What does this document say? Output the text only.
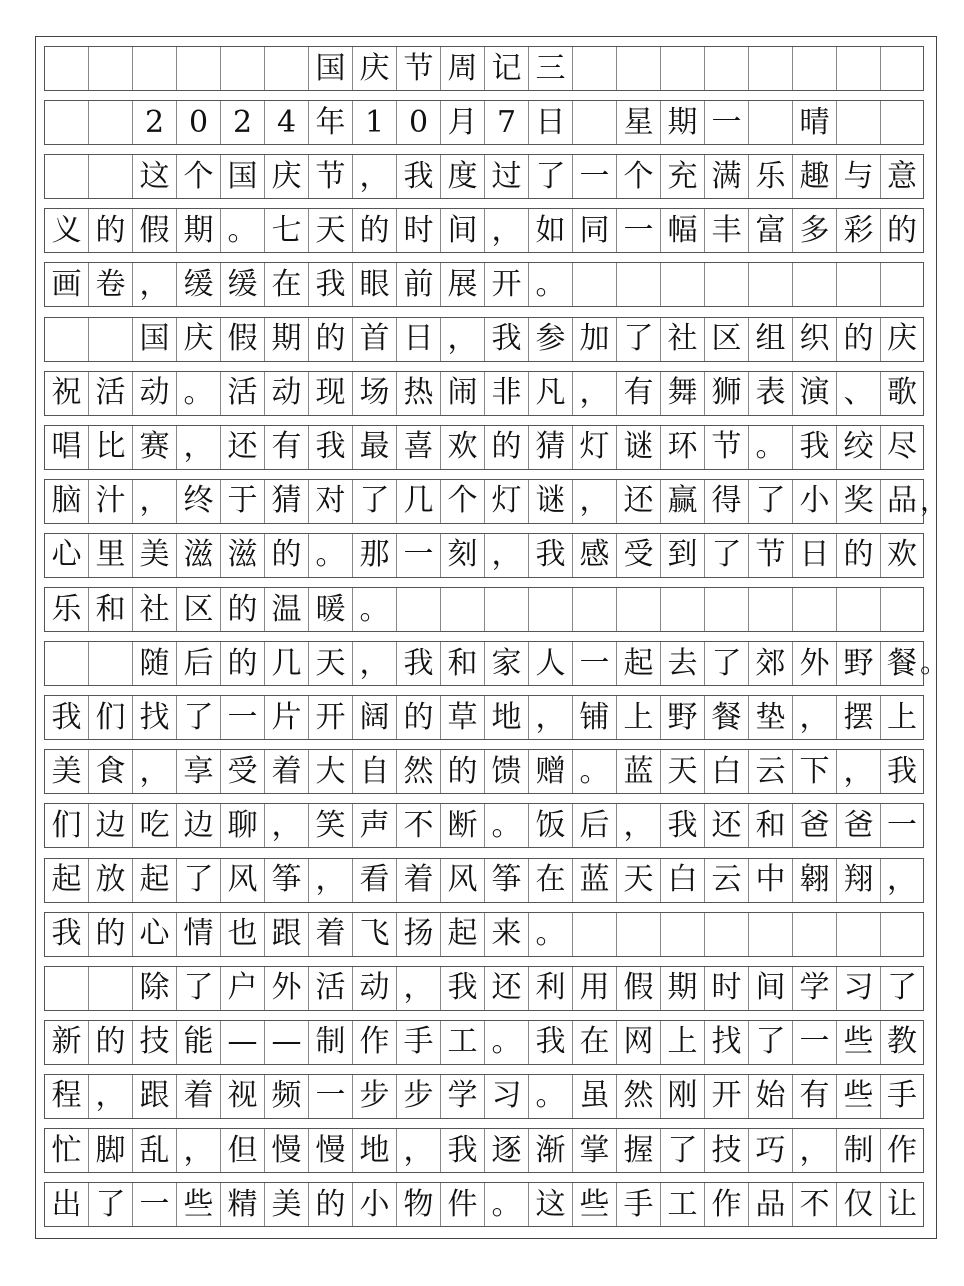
国 庆 节 周 记 三
2 0 2 4 年 1 0 月 7 日 星 期 一 晴
这 个 国 庆 节 ， 我 度 过 了 一 个 充 满 乐 趣 与 意
义 的 假 期 。 七 天 的 时 间 ， 如 同 一 幅 丰 富 多 彩 的
画 卷 ， 缓 缓 在 我 眼 前 展 开 。
国 庆 假 期 的 首 日 ， 我 参 加 了 社 区 组 织 的 庆
祝 活 动 。 活 动 现 场 热 闹 非 凡 ， 有 舞 狮 表 演 、 歌
唱 比 赛 ， 还 有 我 最 喜 欢 的 猜 灯 谜 环 节 。 我 绞 尽
脑 汁 ， 终 于 猜 对 了 几 个 灯 谜 ， 还 赢 得 了 小 奖 品
心 里 美 滋 滋 的 。 那 一 刻 ， 我 感 受 到 了 节 日 的 欢
乐 和 社 区 的 温 暖 。
随 后 的 几 天 ， 我 和 家 人 一 起 去 了 郊 外 野 餐
我 们 找 了 一 片 开 阔 的 草 地 ， 铺 上 野 餐 垫 ， 摆 上
美 食 ， 享 受 着 大 自 然 的 馈 赠 。 蓝 天 白 云 下 ， 我
们 边 吃 边 聊 ， 笑 声 不 断 。 饭 后 ， 我 还 和 爸 爸 一
起 放 起 了 风 筝 ， 看 着 风 筝 在 蓝 天 白 云 中 翱 翔 ，
我 的 心 情 也 跟 着 飞 扬 起 来 。
除 了 户 外 活 动 ， 我 还 利 用 假 期 时 间 学 习 了
新 的 技 能 — — 制 作 手 工 。 我 在 网 上 找 了 一 些 教
程 ， 跟 着 视 频 一 步 步 学 习 。 虽 然 刚 开 始 有 些 手
忙 脚 乱 ， 但 慢 慢 地 ， 我 逐 渐 掌 握 了 技 巧 ， 制 作
出 了 一 些 精 美 的 小 物 件 。 这 些 手 工 作 品 不 仅 让
，
。
